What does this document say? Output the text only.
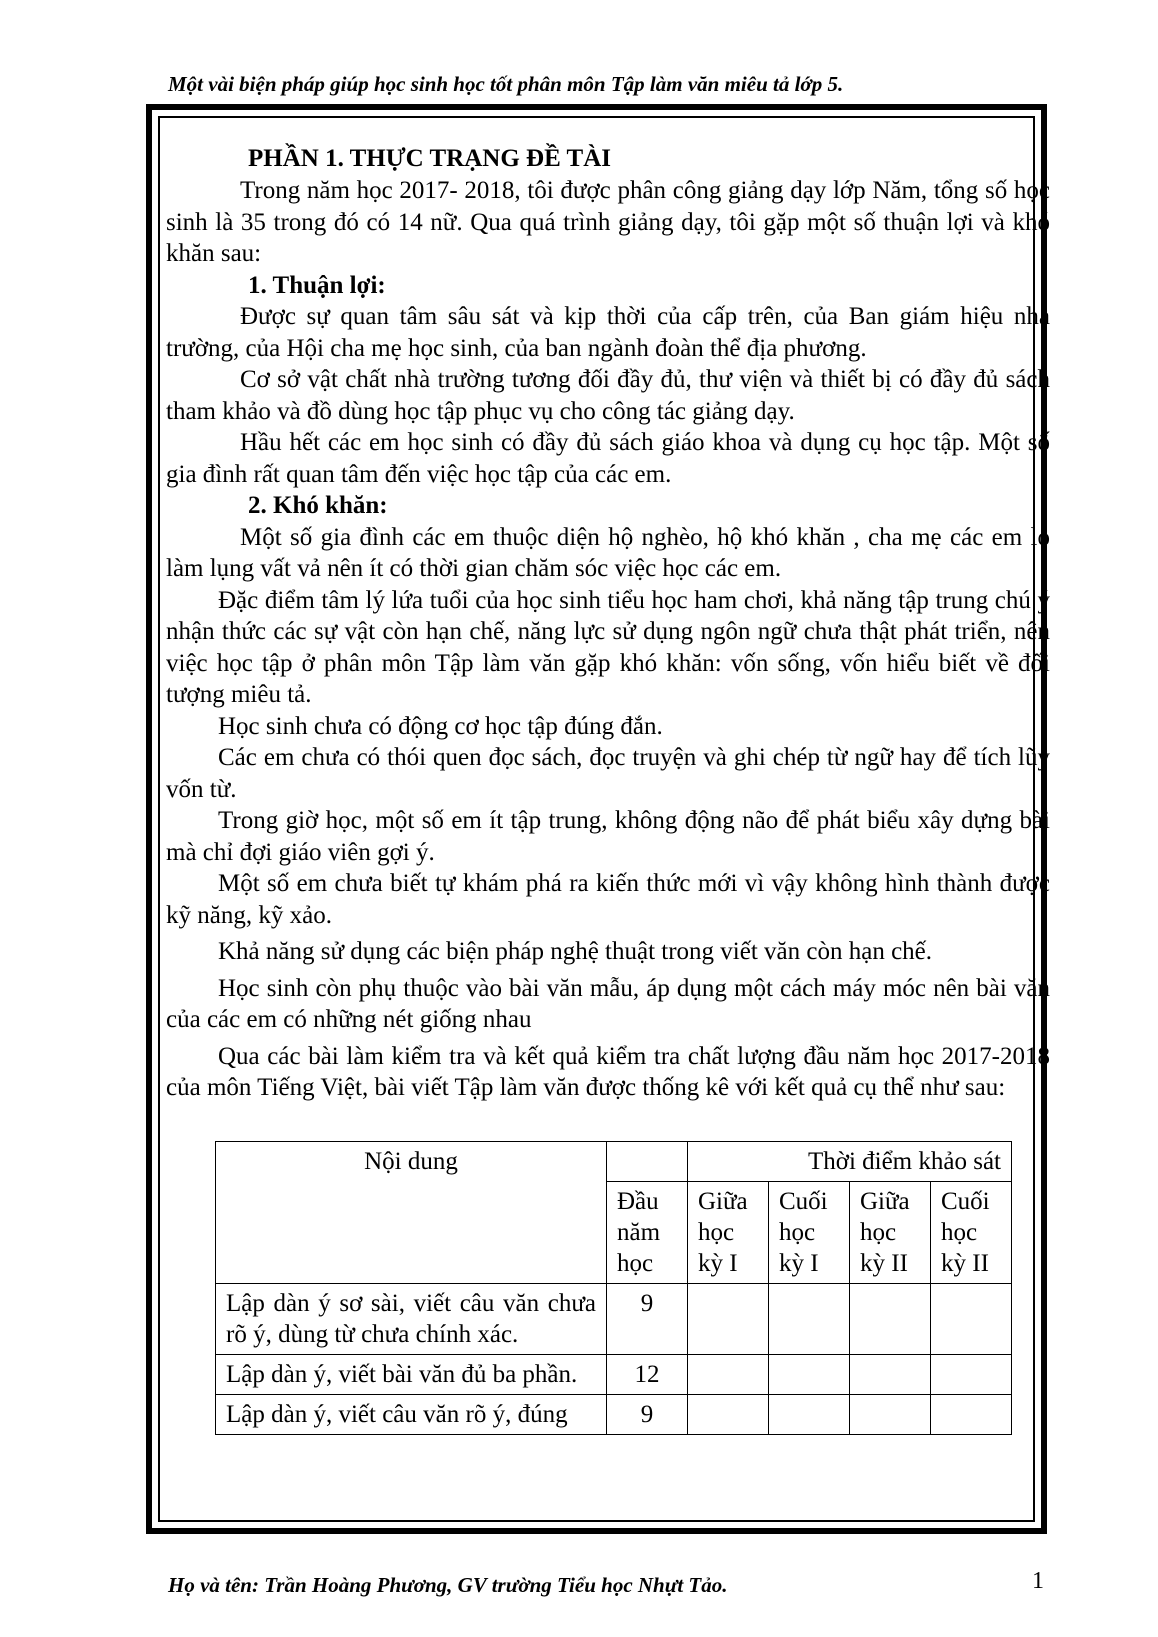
Một vài biện pháp giúp học sinh học tốt phân môn Tập làm văn miêu tả lớp 5.

PHẦN 1. THỰC TRẠNG ĐỀ TÀI

Trong năm học 2017- 2018, tôi được phân công giảng dạy lớp Năm, tổng số học sinh là 35 trong đó có 14 nữ. Qua quá trình giảng dạy, tôi gặp một số thuận lợi và khó khăn sau:

1. Thuận lợi:

Được sự quan tâm sâu sát và kịp thời của cấp trên, của Ban giám hiệu nhà trường, của Hội cha mẹ học sinh, của ban ngành đoàn thể địa phương.

Cơ sở vật chất nhà trường tương đối đầy đủ, thư viện và thiết bị có đầy đủ sách tham khảo và đồ dùng học tập phục vụ cho công tác giảng dạy.

Hầu hết các em học sinh có đầy đủ sách giáo khoa và dụng cụ học tập. Một số gia đình rất quan tâm đến việc học tập của các em.

2. Khó khăn:

Một số gia đình các em thuộc diện hộ nghèo, hộ khó khăn , cha mẹ các em lo làm lụng vất vả nên ít có thời gian chăm sóc việc học các em.

Đặc điểm tâm lý lứa tuổi của học sinh tiểu học ham chơi, khả năng tập trung chú ý nhận thức các sự vật còn hạn chế, năng lực sử dụng ngôn ngữ chưa thật phát triển, nên việc học tập ở phân môn Tập làm văn gặp khó khăn: vốn sống, vốn hiểu biết về đối tượng miêu tả.

Học sinh chưa có động cơ học tập đúng đắn.

Các em chưa có thói quen đọc sách, đọc truyện và ghi chép từ ngữ hay để tích lũy vốn từ.

Trong giờ học, một số em ít tập trung, không động não để phát biểu xây dựng bài mà chỉ đợi giáo viên gợi ý.

Một số em chưa biết tự khám phá ra kiến thức mới vì vậy không hình thành được kỹ năng, kỹ xảo.

Khả năng sử dụng các biện pháp nghệ thuật trong viết văn còn hạn chế.

Học sinh còn phụ thuộc vào bài văn mẫu, áp dụng một cách máy móc nên bài văn của các em có những nét giống nhau

Qua các bài làm kiểm tra và kết quả kiểm tra chất lượng đầu năm học 2017-2018 của môn Tiếng Việt, bài viết Tập làm văn được thống kê với kết quả cụ thể như sau:

Nội dung		Thời điểm khảo sát			
	Đầu năm học	Giữa học kỳ I	Cuối học kỳ I	Giữa học kỳ II	Cuối học kỳ II
Lập dàn ý sơ sài, viết câu văn chưa rõ ý, dùng từ chưa chính xác.	9				
Lập dàn ý, viết bài văn đủ ba phần.	12				
Lập dàn ý, viết câu văn rõ ý, đúng	9				
Họ và tên: Trần Hoàng Phương, GV trường Tiểu học Nhựt Tảo.	1
